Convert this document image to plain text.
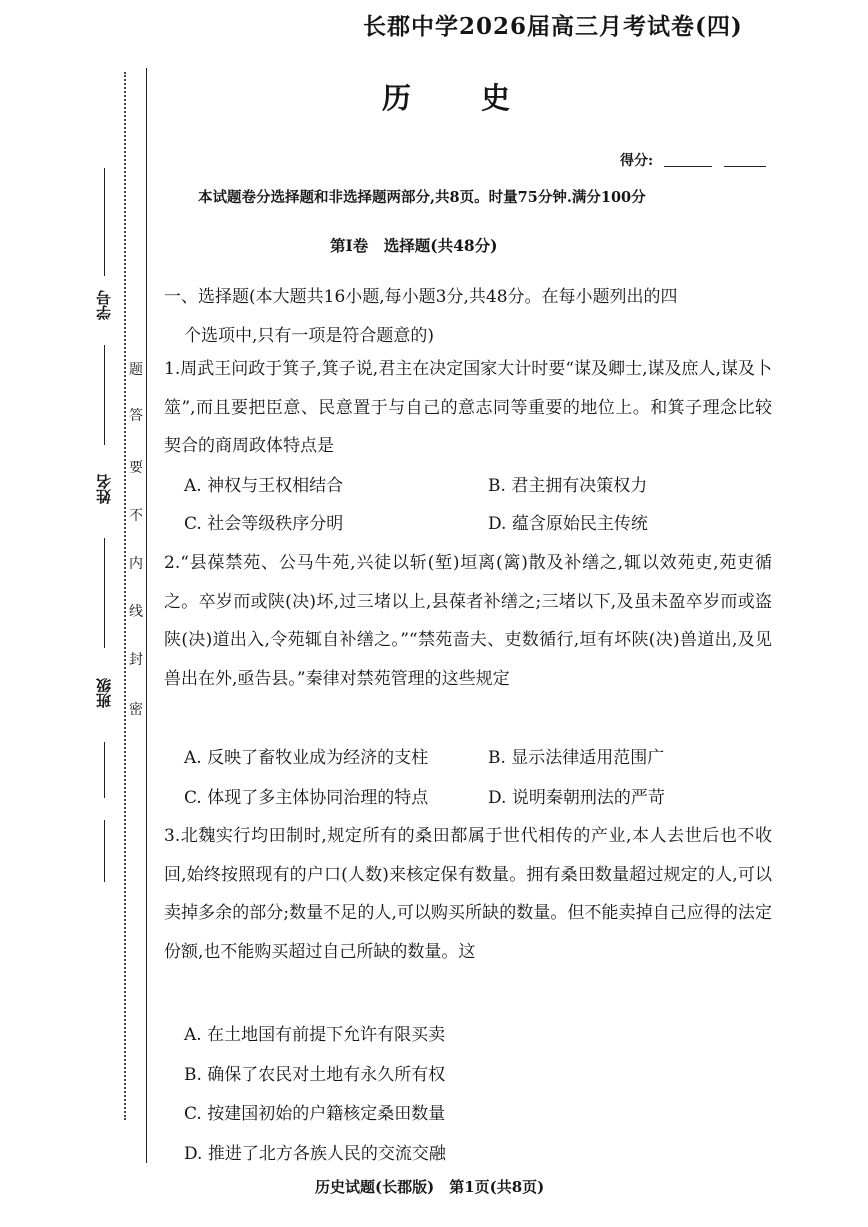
题
答
要
不
内
线
封
密
学号
姓名
班级
长郡中学2026届高三月考试卷(四)
历史
得分:
本试题卷分选择题和非选择题两部分,共8页。时量75分钟.满分100分
第Ⅰ卷　选择题(共48分)
一、选择题(本大题共16小题,每小题3分,共48分。在每小题列出的四
个选项中,只有一项是符合题意的)
1.周武王问政于箕子,箕子说,君主在决定国家大计时要“谋及卿士,谋及庶人,谋及卜筮”,而且要把臣意、民意置于与自己的意志同等重要的地位上。和箕子理念比较契合的商周政体特点是
A. 神权与王权相结合	B. 君主拥有决策权力
C. 社会等级秩序分明	D. 蕴含原始民主传统
2.“县葆禁苑、公马牛苑,兴徒以斩(堑)垣离(篱)散及补缮之,辄以效苑吏,苑吏循之。卒岁而或陕(决)坏,过三堵以上,县葆者补缮之;三堵以下,及虽未盈卒岁而或盗陕(决)道出入,令苑辄自补缮之。”“禁苑啬夫、吏数循行,垣有坏陕(决)兽道出,及见兽出在外,亟告县。”秦律对禁苑管理的这些规定
A. 反映了畜牧业成为经济的支柱	B. 显示法律适用范围广
C. 体现了多主体协同治理的特点	D. 说明秦朝刑法的严苛
3.北魏实行均田制时,规定所有的桑田都属于世代相传的产业,本人去世后也不收回,始终按照现有的户口(人数)来核定保有数量。拥有桑田数量超过规定的人,可以卖掉多余的部分;数量不足的人,可以购买所缺的数量。但不能卖掉自己应得的法定份额,也不能购买超过自己所缺的数量。这
A. 在土地国有前提下允许有限买卖
B. 确保了农民对土地有永久所有权
C. 按建国初始的户籍核定桑田数量
D. 推进了北方各族人民的交流交融
历史试题(长郡版)　第1页(共8页)
